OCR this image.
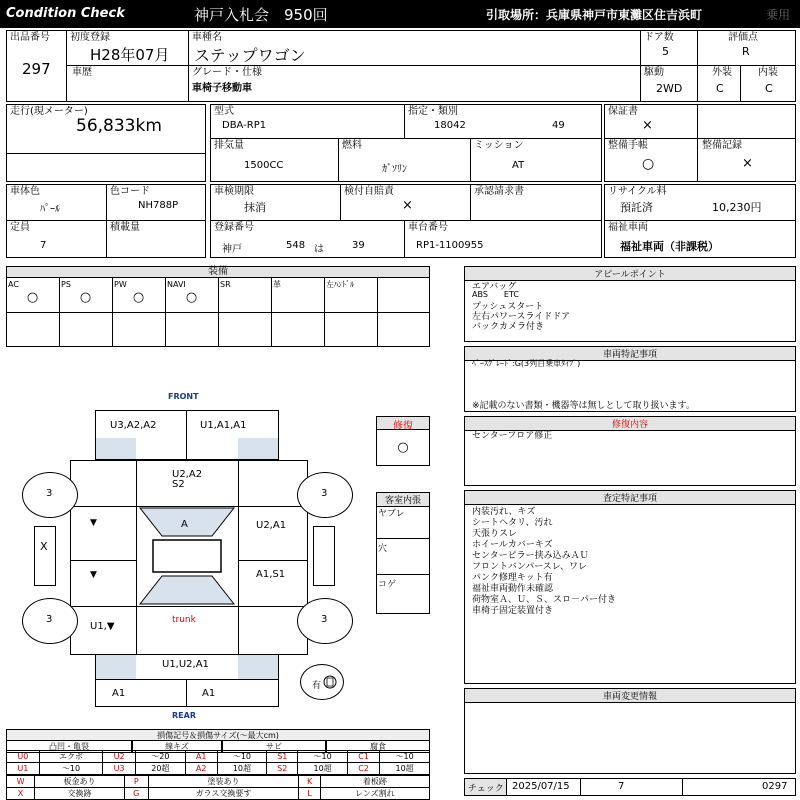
Condition Check	神戸入札会　950回	引取場所：兵庫県神戸市東灘区住吉浜町	乗用
出品番号
297
初度登録
H28年07月
車種名
ステップワゴン
ドア数
5
評価点
R
車歴	グレード・仕様
車椅子移動車
駆動
2WD
外装
C
内装
C
走行(現メーター)
56,833km
型式
DBA-RP1
指定・類別
18042	49
排気量
1500CC
燃料
ｶﾞｿﾘﾝ
ミッション
AT
保証書
×
整備手帳
○
整備記録
×
車体色
ﾊﾟｰﾙ
色コード
NH788P
定員
7
積載量
車検期限
抹消
検付自賠責
×
承認請求書
登録番号
神戸	548 は	39
車台番号
RP1-1100955
リサイクル料
預託済	10,230円
福祉車両
福祉車両（非課税）
装備
AC	PS	PW	NAVI	SR	革	左ﾊﾝﾄﾞﾙ
○	○	○	○
FRONT
REAR
U3,A2,A2	U1,A1,A1
U2,A2
S2
▼
▼
U2,A1
A1,S1
U1,▼
trunk
A
X
3	3
3	3
U1,U2,A1
A1	A1
有
修復
○
客室内張
ヤブレ
穴
コゲ
アピールポイント
エアバッグ
ABS　　ETC
プッシュスタート
左右パワースライドドア
バックカメラ付き
車両特記事項
ﾍﾞｰｽｸﾞﾚｰﾄﾞ:G(3列目乗車ﾀｲﾌﾟ)
※記載のない書類・機器等は無しとして取り扱います。
修復内容
センターフロア修正
査定特記事項
内装汚れ、キズ
シートヘタリ、汚れ
天張りスレ
ホイールカバーキズ
センターピラー挟み込みＡＵ
フロントバンパースレ、ワレ
パンク修理キット有
福祉車両動作未確認
荷物室Ａ、Ｕ、Ｓ、スロ－パー付き
車椅子固定装置付き
車両変更情報
チェック 2025/07/15	7	0297
損傷記号＆損傷サイズ(〜最大cm)
凸凹・亀裂	線キズ	サビ	腐食
U0	エクボ	U2	〜20	A1	〜10	S1	〜10	C1	〜10
U1	〜10	U3	20超	A2	10超	S2	10超	C2	10超
W	板金あり	P	塗装あり	K	着板跡
X	交換跡	G	ガラス交換要す	L	レンズ割れ
